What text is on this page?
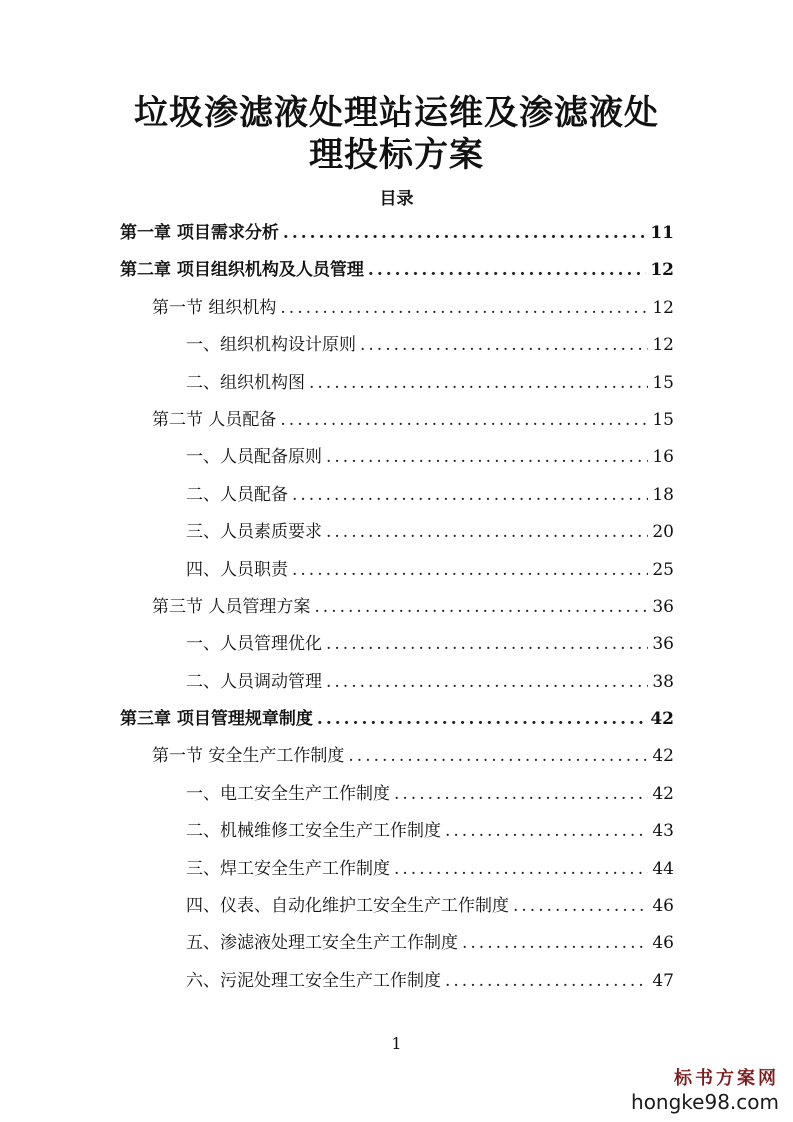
垃圾渗滤液处理站运维及渗滤液处
理投标方案
目录
第一章 项目需求分析 .....	11
第二章 项目组织机构及人员管理 .....	12
第一节 组织机构 .....	12
一、组织机构设计原则 .....	12
二、组织机构图 .....	15
第二节 人员配备 .....	15
一、人员配备原则 .....	16
二、人员配备 .....	18
三、人员素质要求 .....	20
四、人员职责 .....	25
第三节 人员管理方案 .....	36
一、人员管理优化 .....	36
二、人员调动管理 .....	38
第三章 项目管理规章制度 .....	42
第一节 安全生产工作制度 .....	42
一、电工安全生产工作制度 .....	42
二、机械维修工安全生产工作制度 .....	43
三、焊工安全生产工作制度 .....	44
四、仪表、自动化维护工安全生产工作制度 .....	46
五、渗滤液处理工安全生产工作制度 .....	46
六、污泥处理工安全生产工作制度 .....	47
1
标书方案网
hongke98.com
